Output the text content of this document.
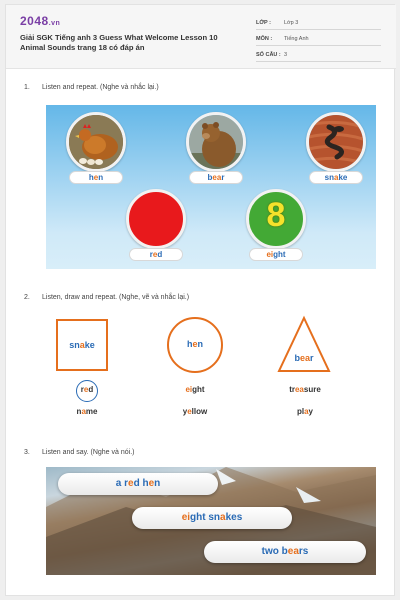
2048.vn
Giải SGK Tiếng anh 3 Guess What Welcome Lesson 10 Animal Sounds trang 18 có đáp án
LỚP : Lớp 3
MÔN : Tiếng Anh
SỐ CÂU : 3
1. Listen and repeat. (Nghe và nhắc lại.)
hen	bear	snake
red
8
eight
2. Listen, draw and repeat. (Nghe, vẽ và nhắc lại.)
snake	hen
bear
red	eight	treasure
name	yellow	play
3. Listen and say. (Nghe và nói.)
a red hen
eight snakes
two bears
